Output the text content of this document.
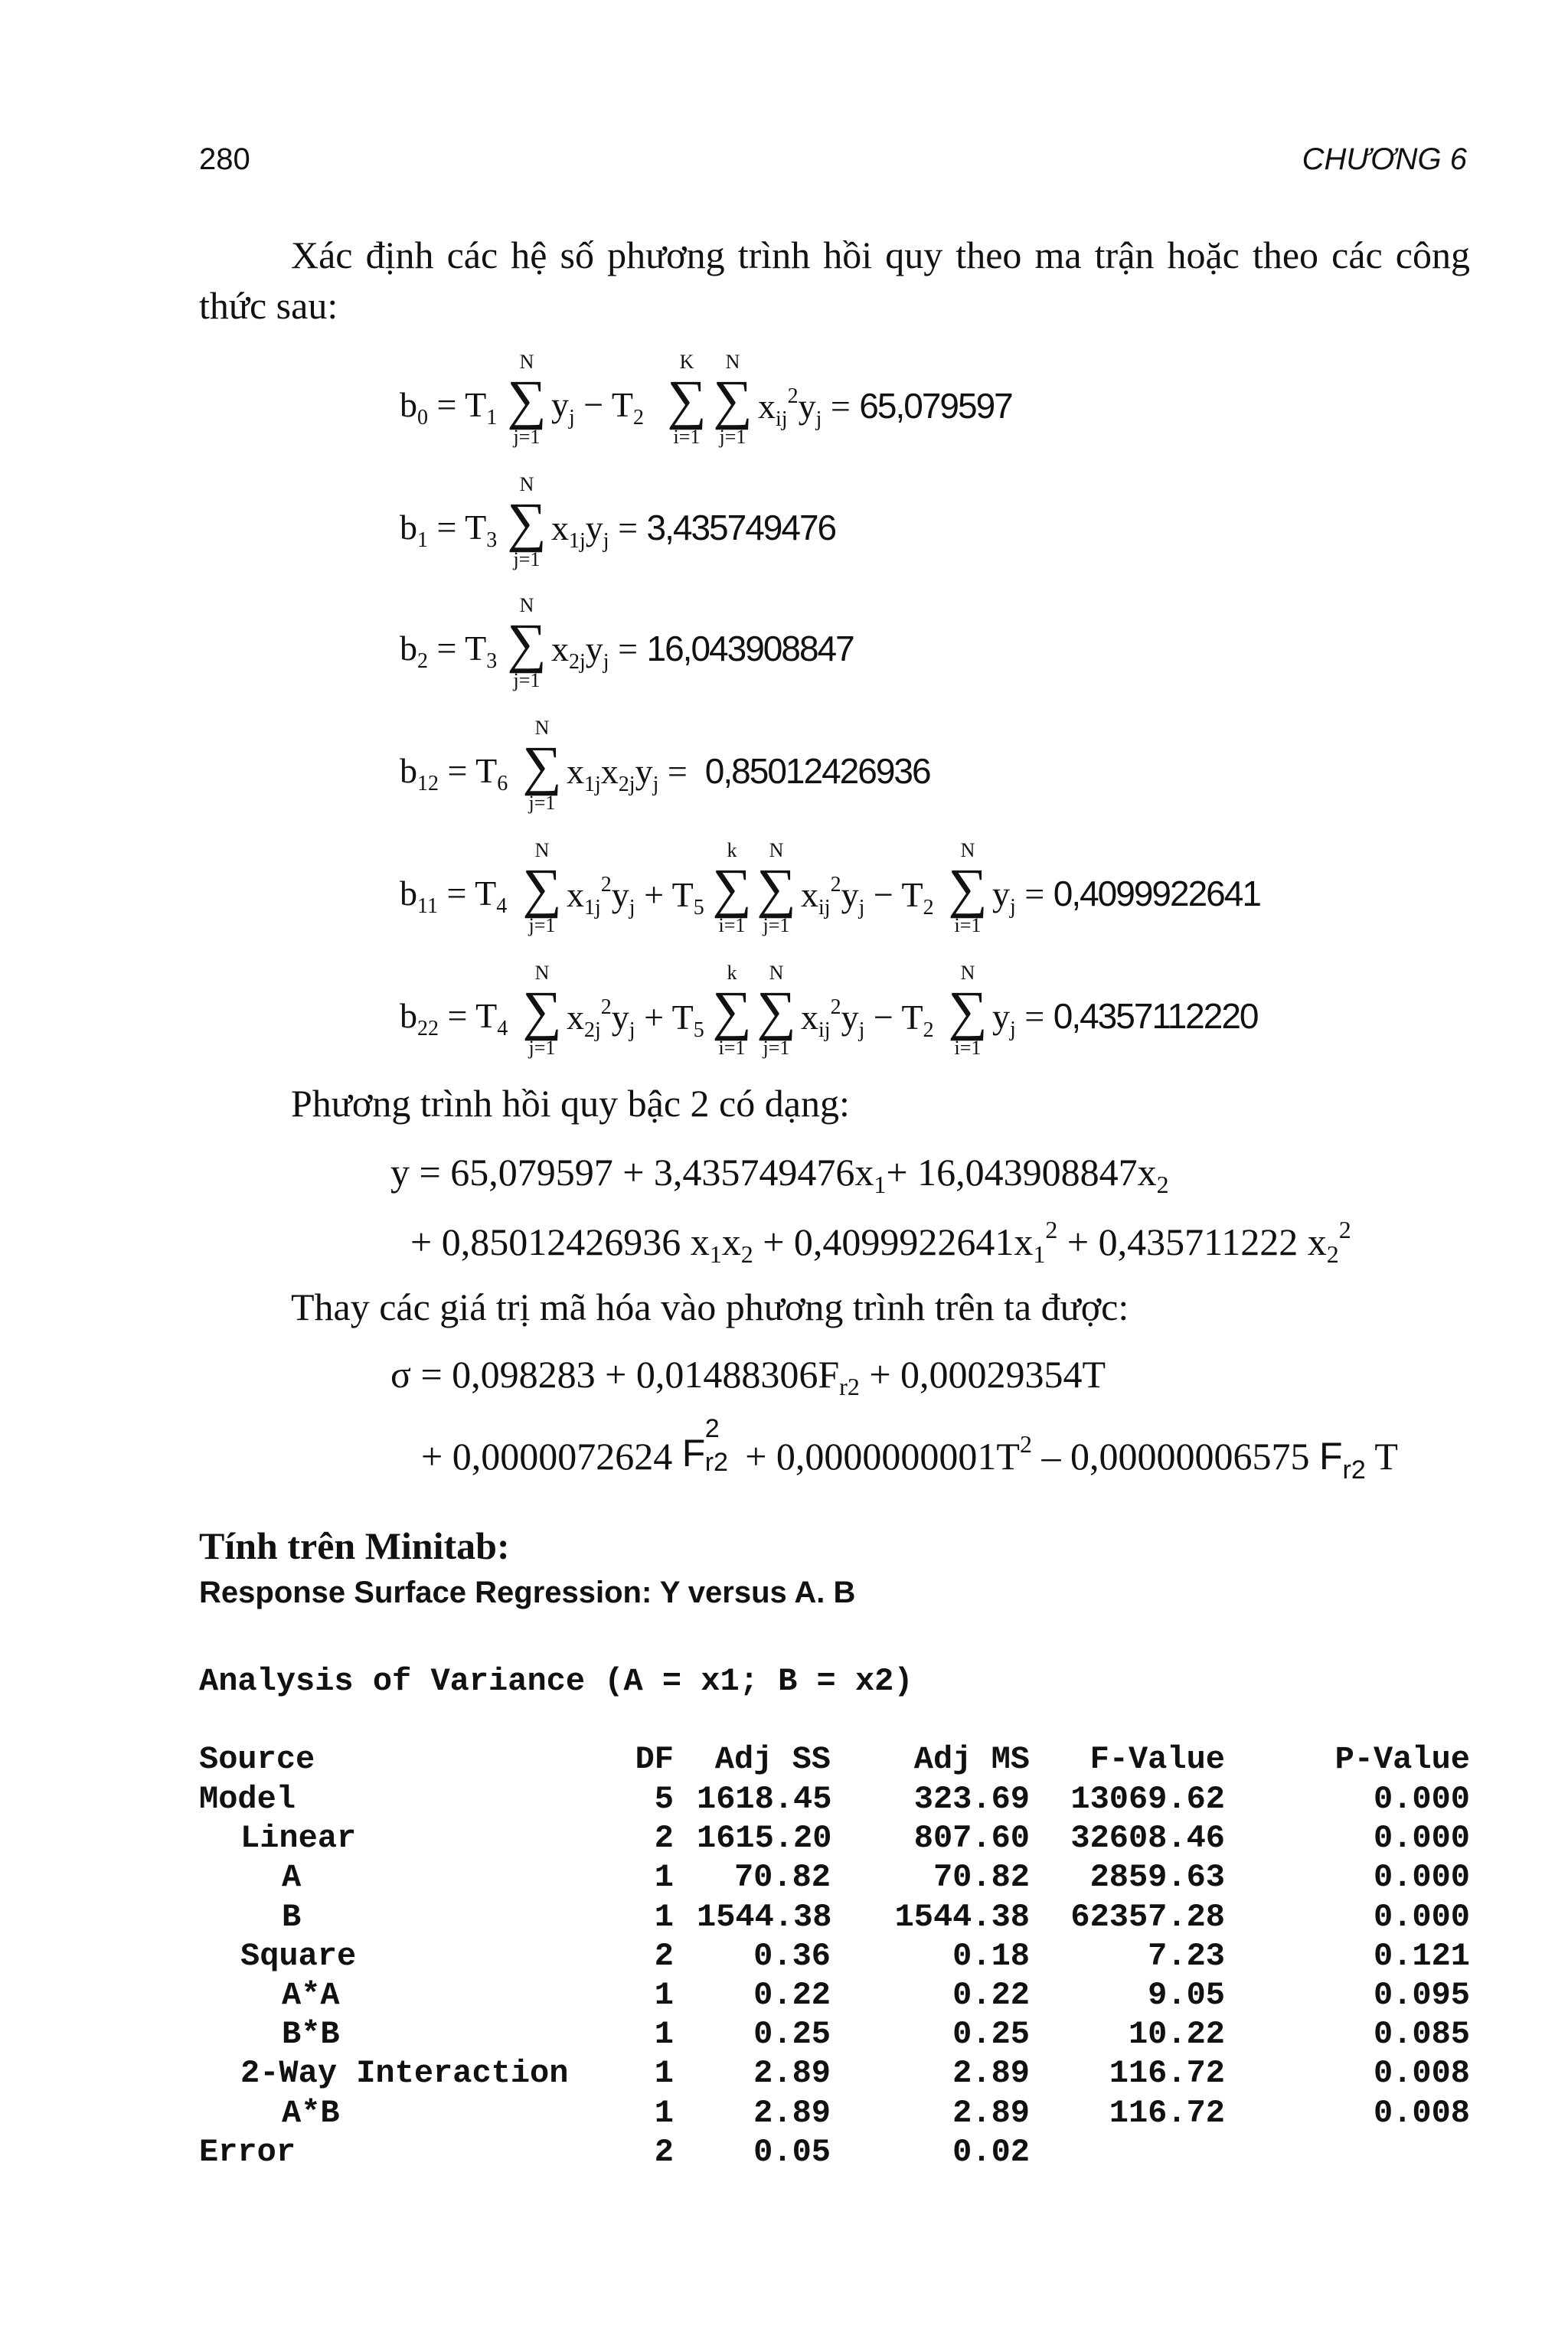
280	CHƯƠNG 6
Xác định các hệ số phương trình hồi quy theo ma trận hoặc theo các công thức sau:
$b_0 = T_1$
N
∑
j=1
$y_j - T_2$
K
∑
i=1
N
∑
j=1
$x_{ij}^2y_j = 65,079597$
$b_1 = T_3$
N
∑
j=1
$x_{1j}y_j = 3,435749476$
$b_2 = T_3$
N
∑
j=1
$x_{2j}y_j = 16,043908847$
$b_{12} = T_6$
N
∑
j=1
$x_{1j}x_{2j}y_j = 0,85012426936$
$b_{11} = T_4$
N
∑
j=1
$x_{1j}^2y_j + T_5$
k
∑
i=1
N
∑
j=1
$x_{ij}^2y_j - T_2$
N
∑
i=1
$y_j = 0,4099922641$
$b_{22} = T_4$
N
∑
j=1
$x_{2j}^2y_j + T_5$
k
∑
i=1
N
∑
j=1
$x_{ij}^2y_j - T_2$
N
∑
i=1
$y_j = 0,4357112220$
Phương trình hồi quy bậc 2 có dạng:
$y = 65,079597 + 3,435749476x_1+ 16,043908847x_2$
+ 0,85012426936 $x_1x_2 + 0,4099922641x_1^2 + 0,435711222$ $x_2^2$
Thay các giá trị mã hóa vào phương trình trên ta được:
$\sigma = 0,098283 + 0,01488306F_{r2} + 0,00029354T$
+ 0,0000072624 F
2
$r2 + 0,0000000001T^2 - 0,00000006575$ $F_{r2}$ T
Tính trên Minitab:
Response Surface Regression: Y versus A. B
Analysis of Variance (A = x1; B = x2)
Source	DF	Adj SS	Adj MS	F-Value	P-Value
Model	5 1618.45	323.69	13069.62	0.000
Linear	2 1615.20	807.60	32608.46	0.000
A	1	70.82	70.82	2859.63	0.000
B	1 1544.38	1544.38	62357.28	0.000
Square	2	0.36	0.18	7.23	0.121
A*A	1	0.22	0.22	9.05	0.095
B*B	1	0.25	0.25	10.22	0.085
2-Way Interaction	1	2.89	2.89	116.72	0.008
A*B	1	2.89	2.89	116.72	0.008
Error	2	0.05	0.02
